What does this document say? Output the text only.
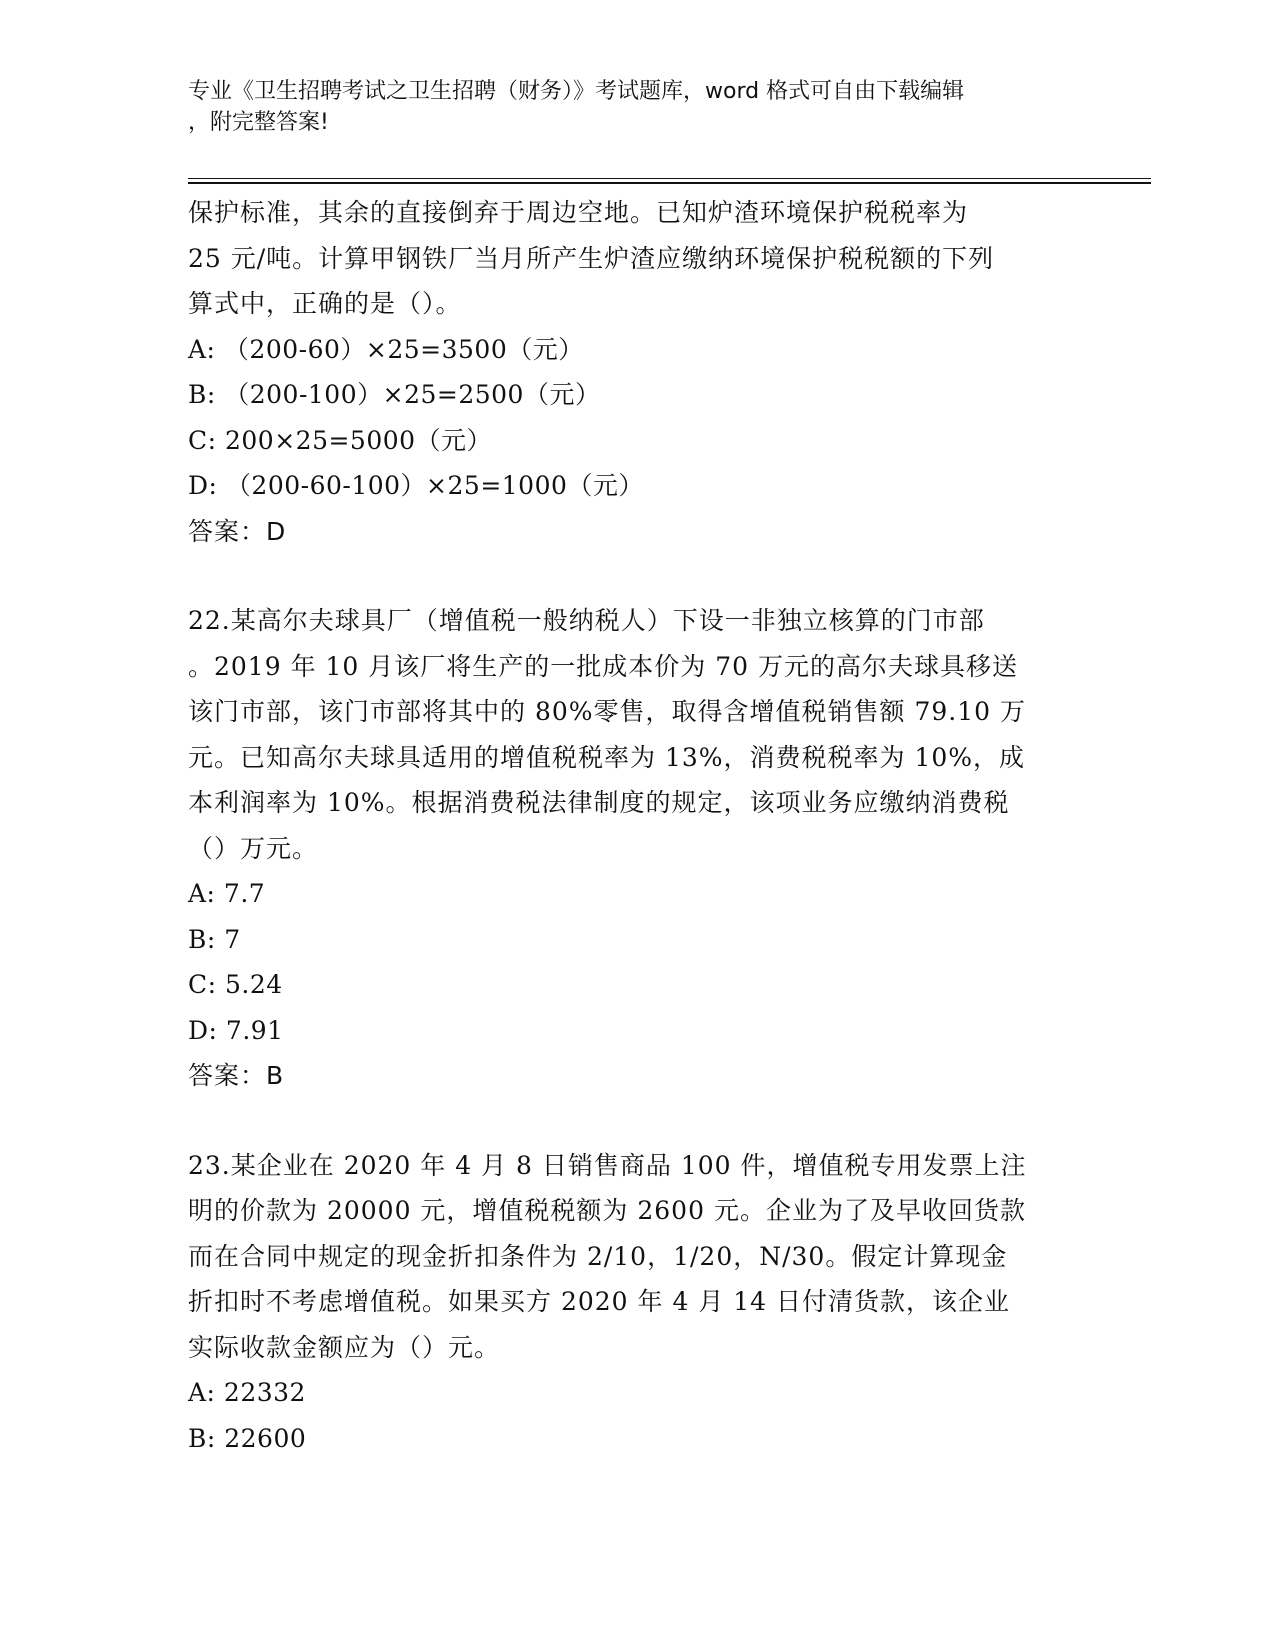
专业《卫生招聘考试之卫生招聘（财务）》考试题库，word 格式可自由下载编辑
，附完整答案!
保护标准，其余的直接倒弃于周边空地。已知炉渣环境保护税税率为
25 元/吨。计算甲钢铁厂当月所产生炉渣应缴纳环境保护税税额的下列
算式中，正确的是（）。
A: （200-60）×25=3500（元）
B: （200-100）×25=2500（元）
C: 200×25=5000（元）
D: （200-60-100）×25=1000（元）
答案：D
22.某高尔夫球具厂（增值税一般纳税人）下设一非独立核算的门市部
。2019 年 10 月该厂将生产的一批成本价为 70 万元的高尔夫球具移送
该门市部，该门市部将其中的 80%零售，取得含增值税销售额 79.10 万
元。已知高尔夫球具适用的增值税税率为 13%，消费税税率为 10%，成
本利润率为 10%。根据消费税法律制度的规定，该项业务应缴纳消费税
（）万元。
A: 7.7
B: 7
C: 5.24
D: 7.91
答案：B
23.某企业在 2020 年 4 月 8 日销售商品 100 件，增值税专用发票上注
明的价款为 20000 元，增值税税额为 2600 元。企业为了及早收回货款
而在合同中规定的现金折扣条件为 2/10，1/20，N/30。假定计算现金
折扣时不考虑增值税。如果买方 2020 年 4 月 14 日付清货款，该企业
实际收款金额应为（）元。
A: 22332
B: 22600
